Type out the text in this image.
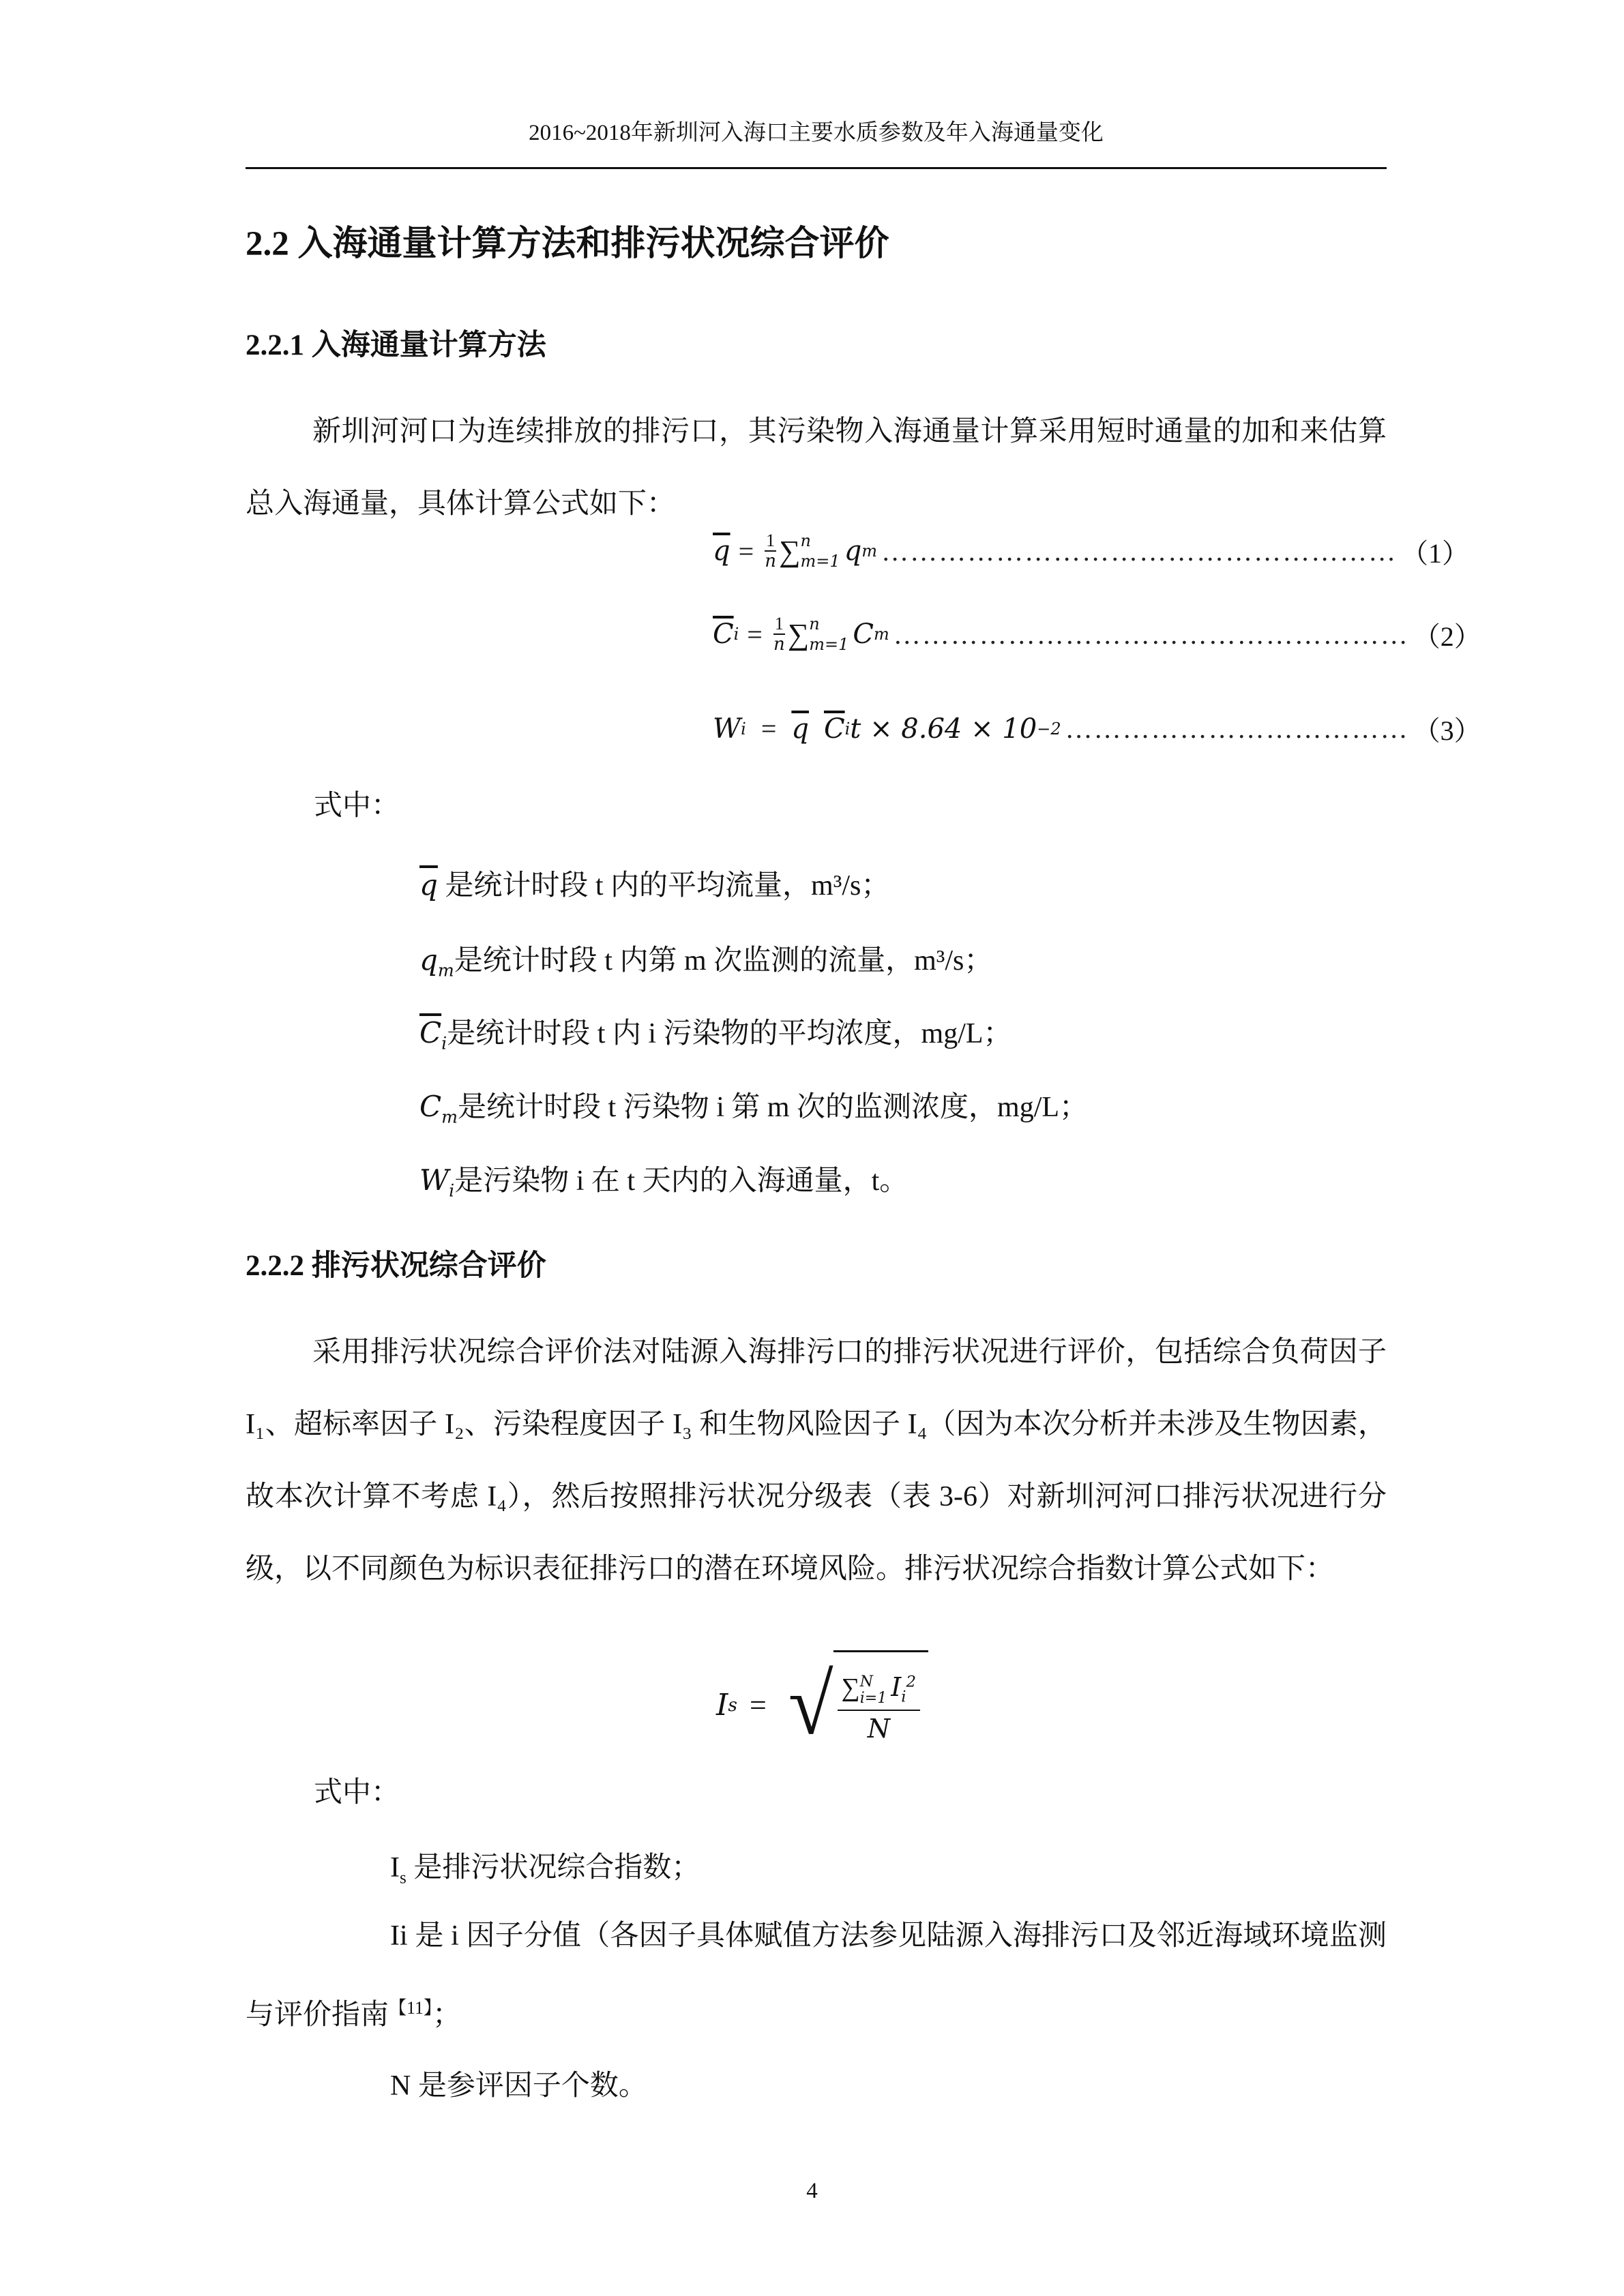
2016~2018年新圳河入海口主要水质参数及年入海通量变化
2.2 入海通量计算方法和排污状况综合评价
2.2.1 入海通量计算方法
新圳河河口为连续排放的排污口，其污染物入海通量计算采用短时通量的加和来估算总入海通量，具体计算公式如下：
$\overline{q} = \frac{1}{n}$ ∑ n
m=1 q m ……………………………………………… （1）
$\overline{C}$ $i = \frac{1}{n}$ ∑ n
m=1 C m ……………………………………………… （2）
W $i = \overline{q}$ $\overline{C}$ i t × 8.64 × 10 −2 ……………………………… （3）
式中：
$\overline{q}$ 是统计时段 t 内的平均流量，m³/s；
$q_m$是统计时段 t 内第 m 次监测的流量，m³/s；
$\overline{C}_i$是统计时段 t 内 i 污染物的平均浓度，mg/L；
$C_m$是统计时段 t 污染物 i 第 m 次的监测浓度，mg/L；
$W_i$是污染物 i 在 t 天内的入海通量，t。
2.2.2 排污状况综合评价
采用排污状况综合评价法对陆源入海排污口的排污状况进行评价，包括综合负荷因子 I₁、超标率因子 I₂、污染程度因子 I₃ 和生物风险因子 I₄（因为本次分析并未涉及生物因素，故本次计算不考虑 I₄），然后按照排污状况分级表（表 3-6）对新圳河河口排污状况进行分级，以不同颜色为标识表征排污口的潜在环境风险。排污状况综合指数计算公式如下：
I s = √ ∑ N
i=1 $I_i^2$
N
式中：
$I_s$ 是排污状况综合指数；
Ii 是 i 因子分值（各因子具体赋值方法参见陆源入海排污口及邻近海域环境监测与评价指南$^{【11】}$；
N 是参评因子个数。
4
